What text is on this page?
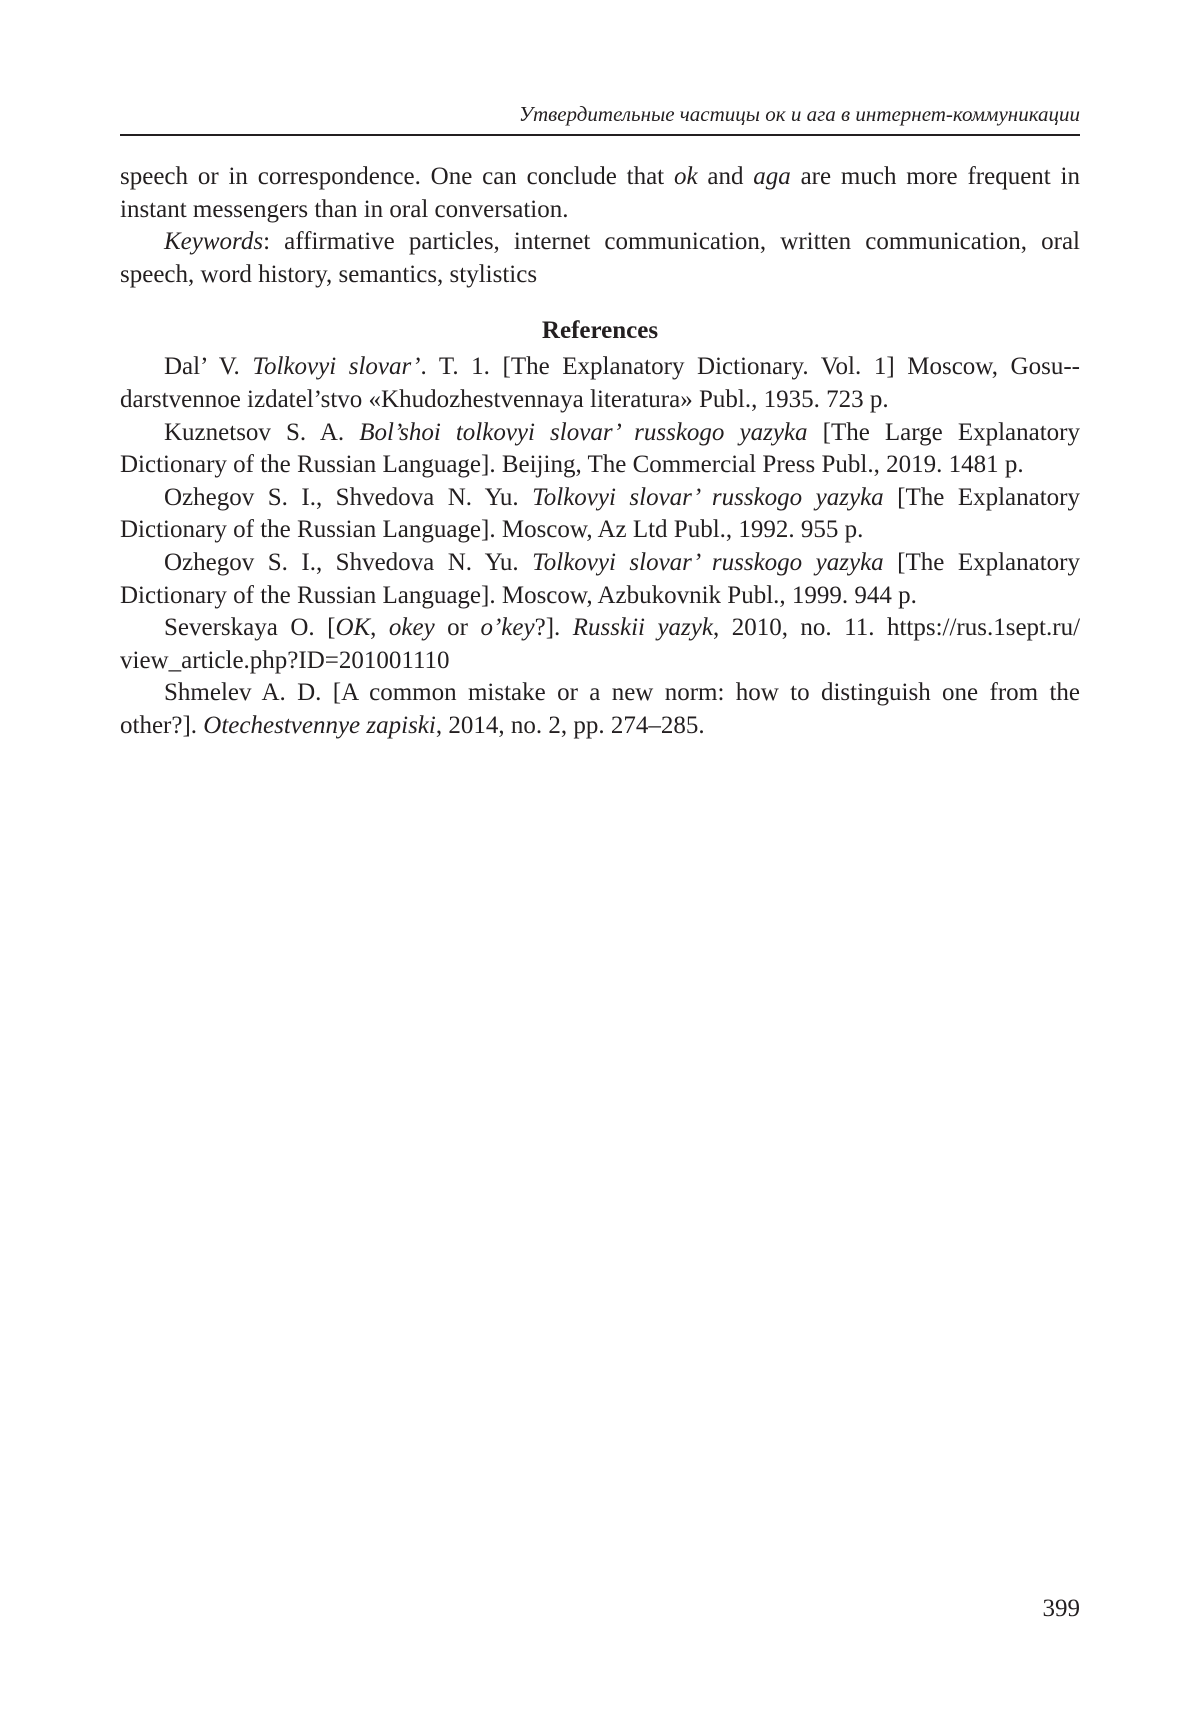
Утвердительные частицы ок и ага в интернет-коммуникации

speech or in correspondence. One can conclude that ok and aga are much more frequent in instant messengers than in oral conversation.

Keywords: affirmative particles, internet communication, written communication, oral speech, word history, semantics, stylistics

References

Dal’ V. Tolkovyi slovar’. T. 1. [The Explanatory Dictionary. Vol. 1] Moscow, Gosu-darstvennoe izdatel’stvo «Khudozhestvennaya literatura» Publ., 1935. 723 p.

Kuznetsov S. A. Bol’shoi tolkovyi slovar’ russkogo yazyka [The Large Explanatory Dictionary of the Russian Language]. Beijing, The Commercial Press Publ., 2019. 1481 p.

Ozhegov S. I., Shvedova N. Yu. Tolkovyi slovar’ russkogo yazyka [The Explanatory Dictionary of the Russian Language]. Moscow, Az Ltd Publ., 1992. 955 p.

Ozhegov S. I., Shvedova N. Yu. Tolkovyi slovar’ russkogo yazyka [The Explanatory Dictionary of the Russian Language]. Moscow, Azbukovnik Publ., 1999. 944 p.

Severskaya O. [OK, okey or o’key?]. Russkii yazyk, 2010, no. 11. https://rus.1sept.ru/​view_article.php?ID=201001110

Shmelev A. D. [A common mistake or a new norm: how to distinguish one from the other?]. Otechestvennye zapiski, 2014, no. 2, pp. 274–285.

399
